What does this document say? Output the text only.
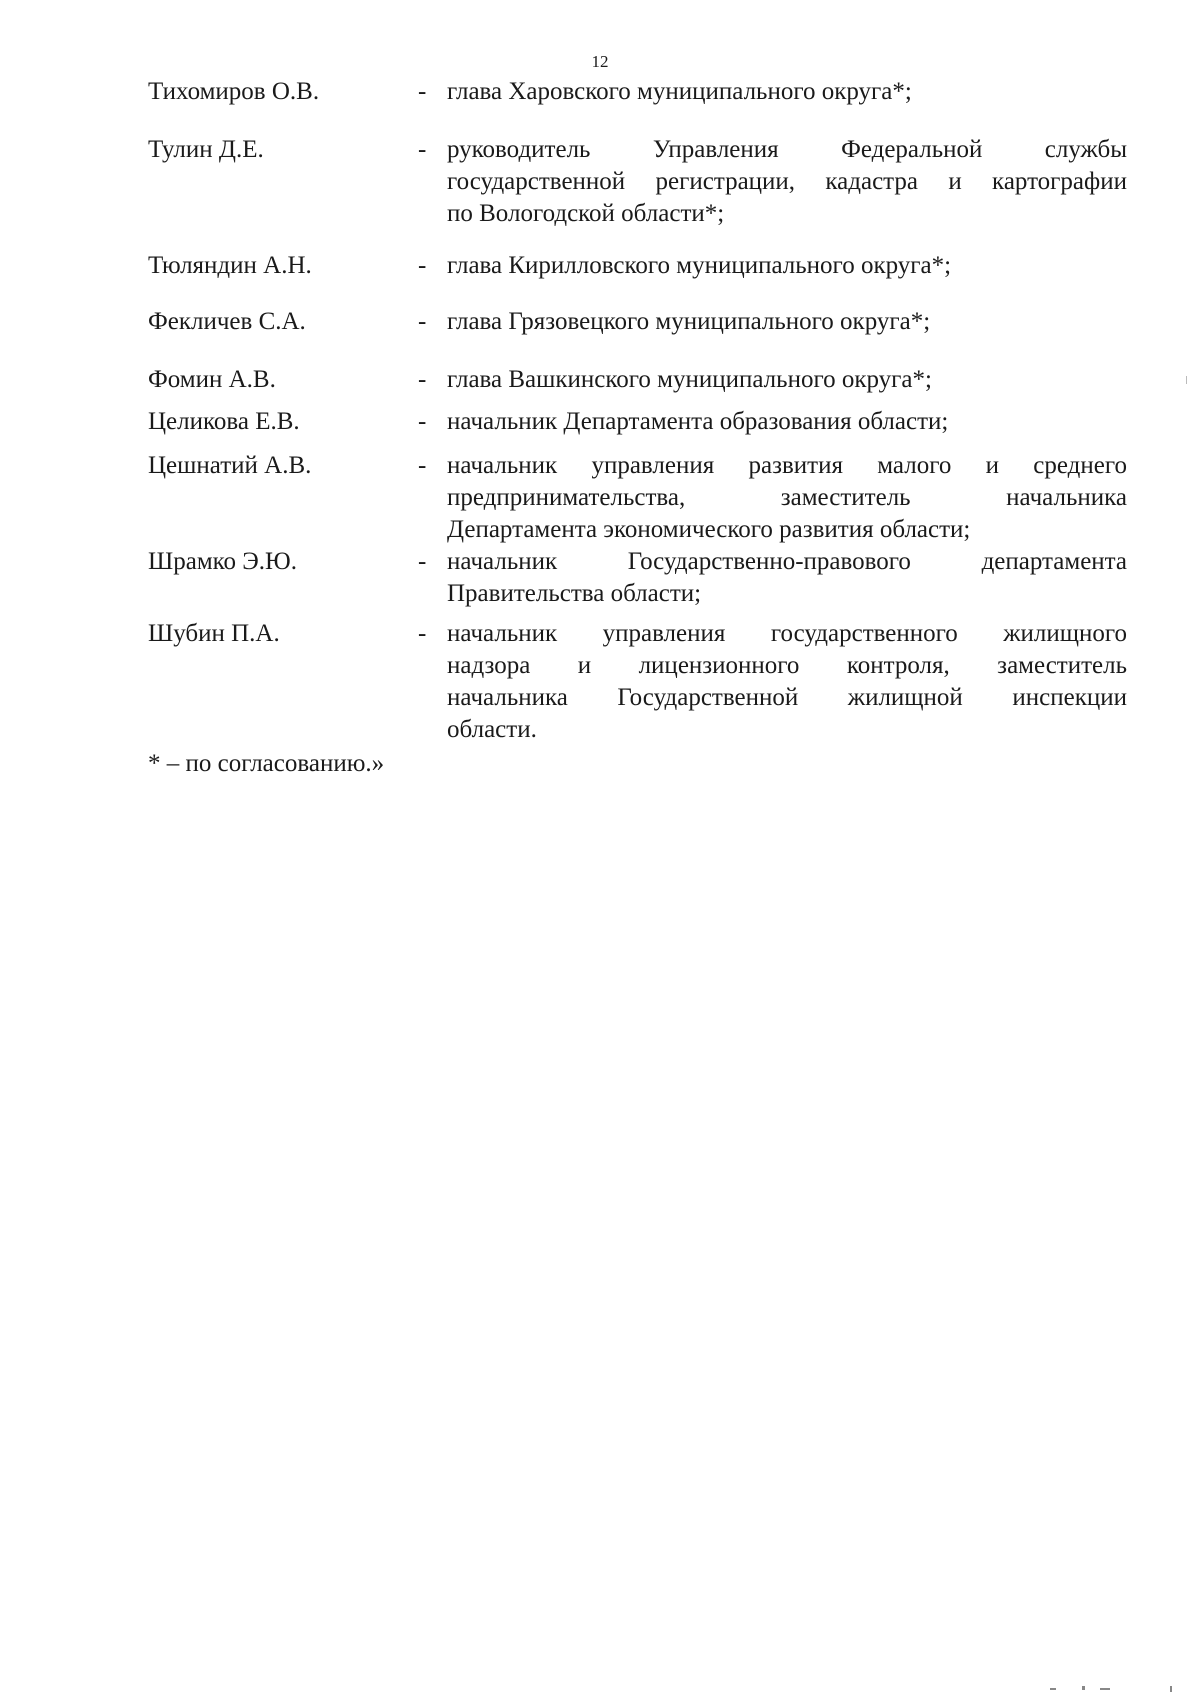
12
Тихомиров О.В.	- глава Харовского муниципального округа*;
Тулин Д.Е.	- руководитель Управления Федеральной службы
государственной регистрации, кадастра и картографии
по Вологодской области*;
Тюляндин А.Н.	- глава Кирилловского муниципального округа*;
Фекличев С.А.	- глава Грязовецкого муниципального округа*;
Фомин А.В.	- глава Вашкинского муниципального округа*;
Целикова Е.В.	- начальник Департамента образования области;
Цешнатий А.В.	- начальник управления развития малого и среднего
предпринимательства, заместитель начальника
Департамента экономического развития области;
Шрамко Э.Ю.	- начальник Государственно-правового департамента
Правительства области;
Шубин П.А.	- начальник управления государственного жилищного
надзора и лицензионного контроля, заместитель
начальника Государственной жилищной инспекции
области.
* – по согласованию.»
